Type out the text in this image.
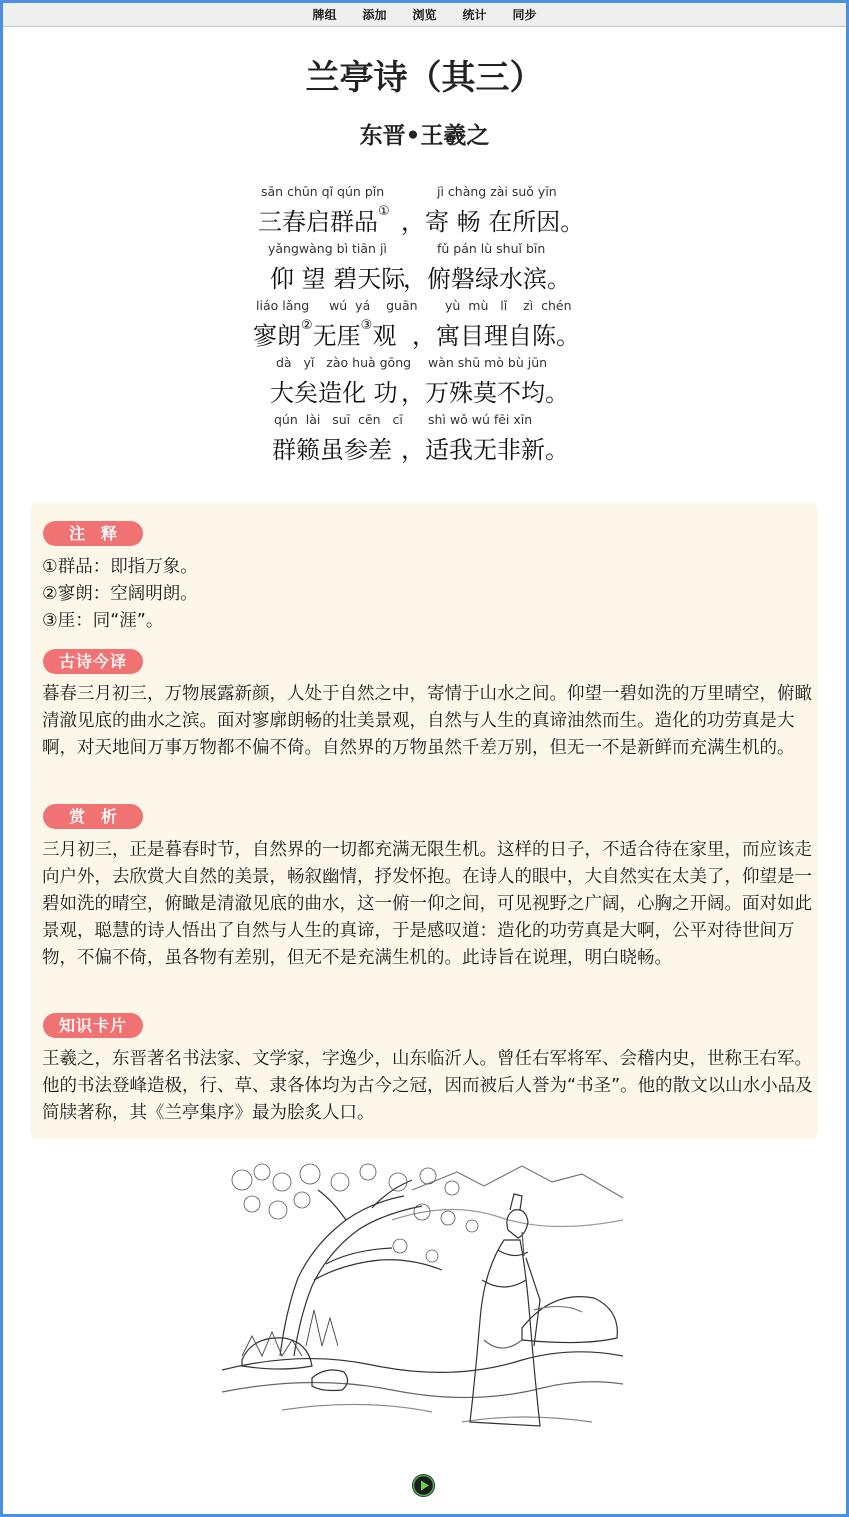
牌组 添加 浏览 统计 同步
兰亭诗（其三）
东晋•王羲之
sān chūn qǐ qún pǐn
三春启群品①
jì chàng zài suǒ yīn
，寄 畅 在所因。
yǎngwàng bì tiān jì
仰 望 碧天际
fǔ pán lù shuǐ bīn
，俯磐绿水滨。
liáo lǎng     wú  yá    guān
寥朗②无厓③观
yù  mù   lǐ    zì  chén
，寓目理自陈。
dà   yǐ   zào huà gōng
大矣造化 功
wàn shū mò bù jūn
，万殊莫不均。
qún  lài   suī  cēn   cī
群籁虽参差
shì wǒ wú fēi xīn
，适我无非新。
注释
①群品：即指万象。
②寥朗：空阔明朗。
③厓：同“涯”。
古诗今译
暮春三月初三，万物展露新颜，人处于自然之中，寄情于山水之间。仰望一碧如洗的万里晴空，俯瞰清澈见底的曲水之滨。面对寥廓朗畅的壮美景观，自然与人生的真谛油然而生。造化的功劳真是大啊，对天地间万事万物都不偏不倚。自然界的万物虽然千差万别，但无一不是新鲜而充满生机的。
赏析
三月初三，正是暮春时节，自然界的一切都充满无限生机。这样的日子，不适合待在家里，而应该走向户外，去欣赏大自然的美景，畅叙幽情，抒发怀抱。在诗人的眼中，大自然实在太美了，仰望是一碧如洗的晴空，俯瞰是清澈见底的曲水，这一俯一仰之间，可见视野之广阔，心胸之开阔。面对如此景观，聪慧的诗人悟出了自然与人生的真谛，于是感叹道：造化的功劳真是大啊，公平对待世间万物，不偏不倚，虽各物有差别，但无不是充满生机的。此诗旨在说理，明白晓畅。
知识卡片
王羲之，东晋著名书法家、文学家，字逸少，山东临沂人。曾任右军将军、会稽内史，世称王右军。他的书法登峰造极，行、草、隶各体均为古今之冠，因而被后人誉为“书圣”。他的散文以山水小品及简牍著称，其《兰亭集序》最为脍炙人口。
